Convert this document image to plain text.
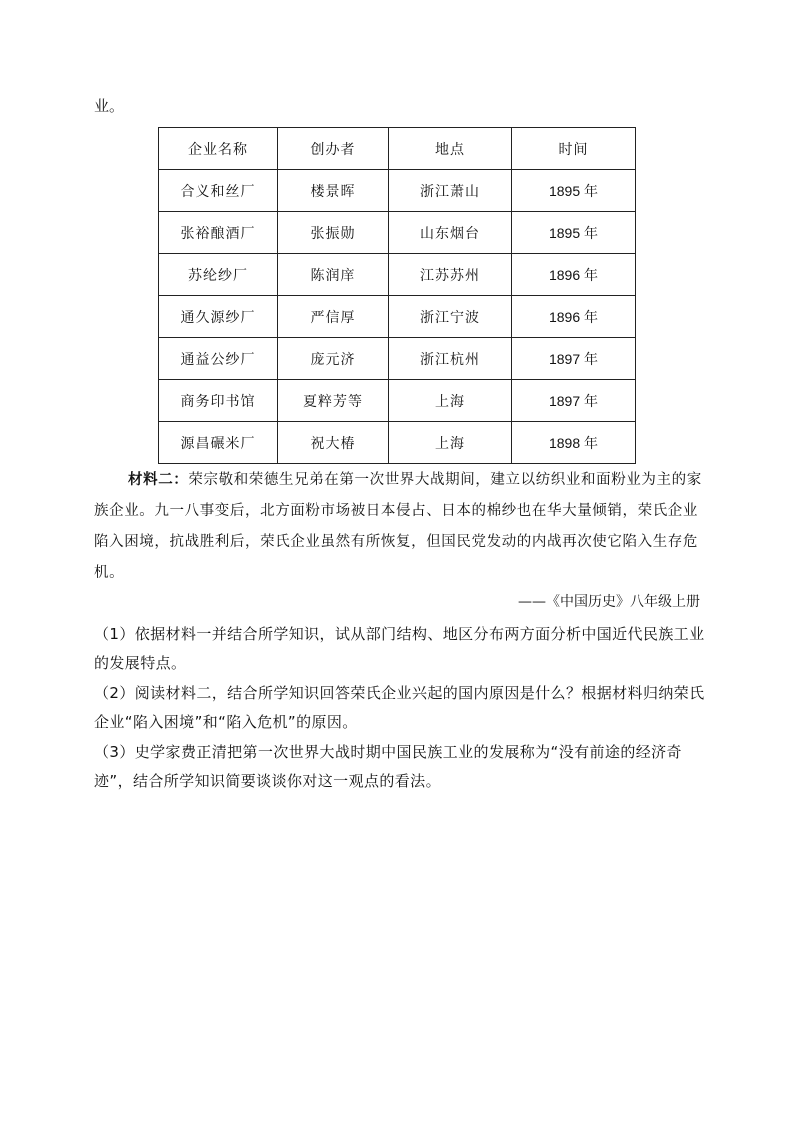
业。
企业名称	创办者	地点	时间
合义和丝厂	楼景晖	浙江萧山	1895 年
张裕酿酒厂	张振勋	山东烟台	1895 年
苏纶纱厂	陈润庠	江苏苏州	1896 年
通久源纱厂	严信厚	浙江宁波	1896 年
通益公纱厂	庞元济	浙江杭州	1897 年
商务印书馆	夏粹芳等	上海	1897 年
源昌碾米厂	祝大椿	上海	1898 年
材料二：荣宗敬和荣德生兄弟在第一次世界大战期间，建立以纺织业和面粉业为主的家族企业。九一八事变后，北方面粉市场被日本侵占、日本的棉纱也在华大量倾销，荣氏企业陷入困境，抗战胜利后，荣氏企业虽然有所恢复，但国民党发动的内战再次使它陷入生存危机。
——《中国历史》八年级上册

（1）依据材料一并结合所学知识，试从部门结构、地区分布两方面分析中国近代民族工业的发展特点。

（2）阅读材料二，结合所学知识回答荣氏企业兴起的国内原因是什么？根据材料归纳荣氏企业“陷入困境”和“陷入危机”的原因。

（3）史学家费正清把第一次世界大战时期中国民族工业的发展称为“没有前途的经济奇迹”，结合所学知识简要谈谈你对这一观点的看法。
